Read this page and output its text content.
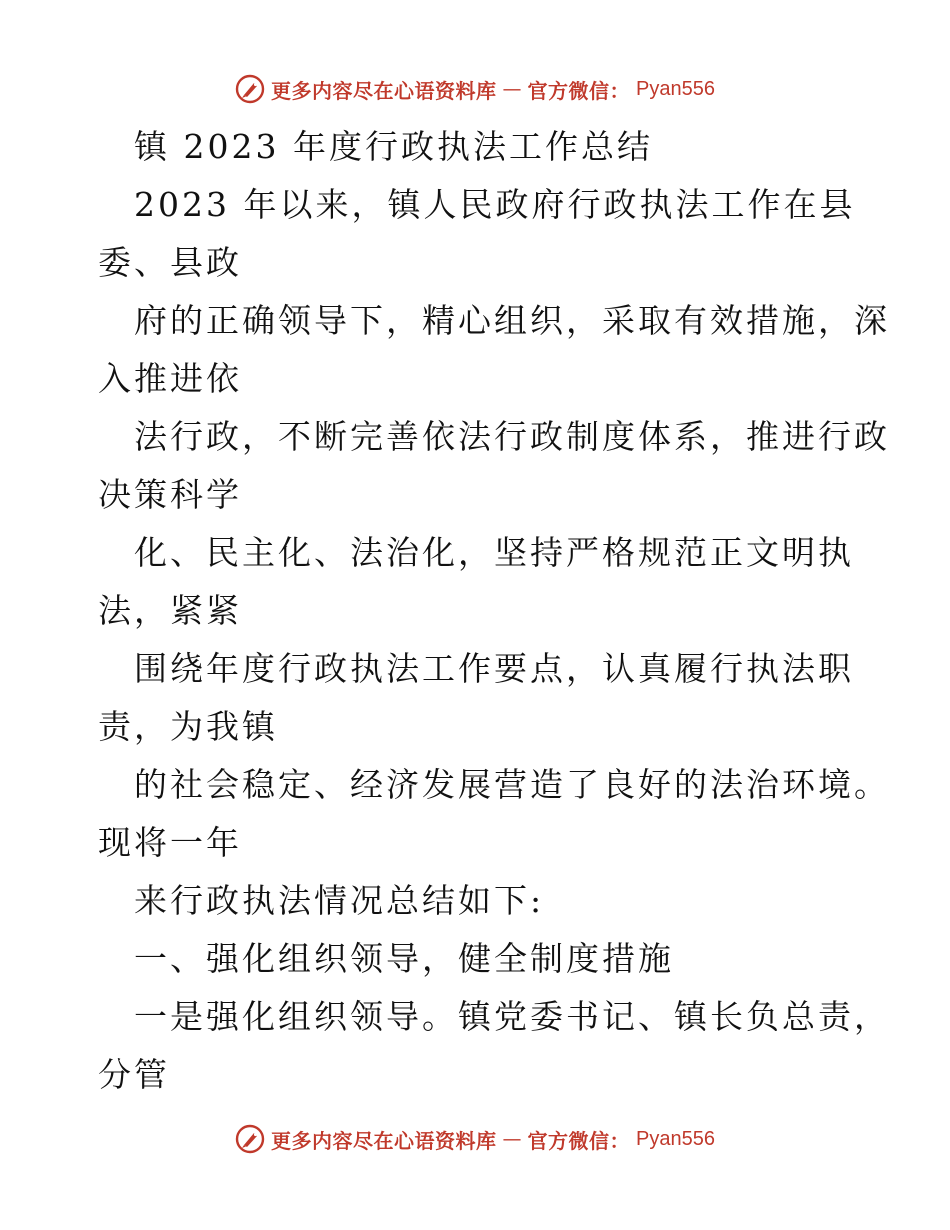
更多内容尽在心语资料库 — 官方微信： Pyan556
镇 2023 年度行政执法工作总结
2023 年以来，镇人民政府行政执法工作在县
委、县政
府的正确领导下，精心组织，采取有效措施，深
入推进依
法行政，不断完善依法行政制度体系，推进行政
决策科学
化、民主化、法治化，坚持严格规范正文明执
法，紧紧
围绕年度行政执法工作要点，认真履行执法职
责，为我镇
的社会稳定、经济发展营造了良好的法治环境。
现将一年
来行政执法情况总结如下:
一、强化组织领导，健全制度措施
一是强化组织领导。镇党委书记、镇长负总责，
分管
更多内容尽在心语资料库 — 官方微信： Pyan556
